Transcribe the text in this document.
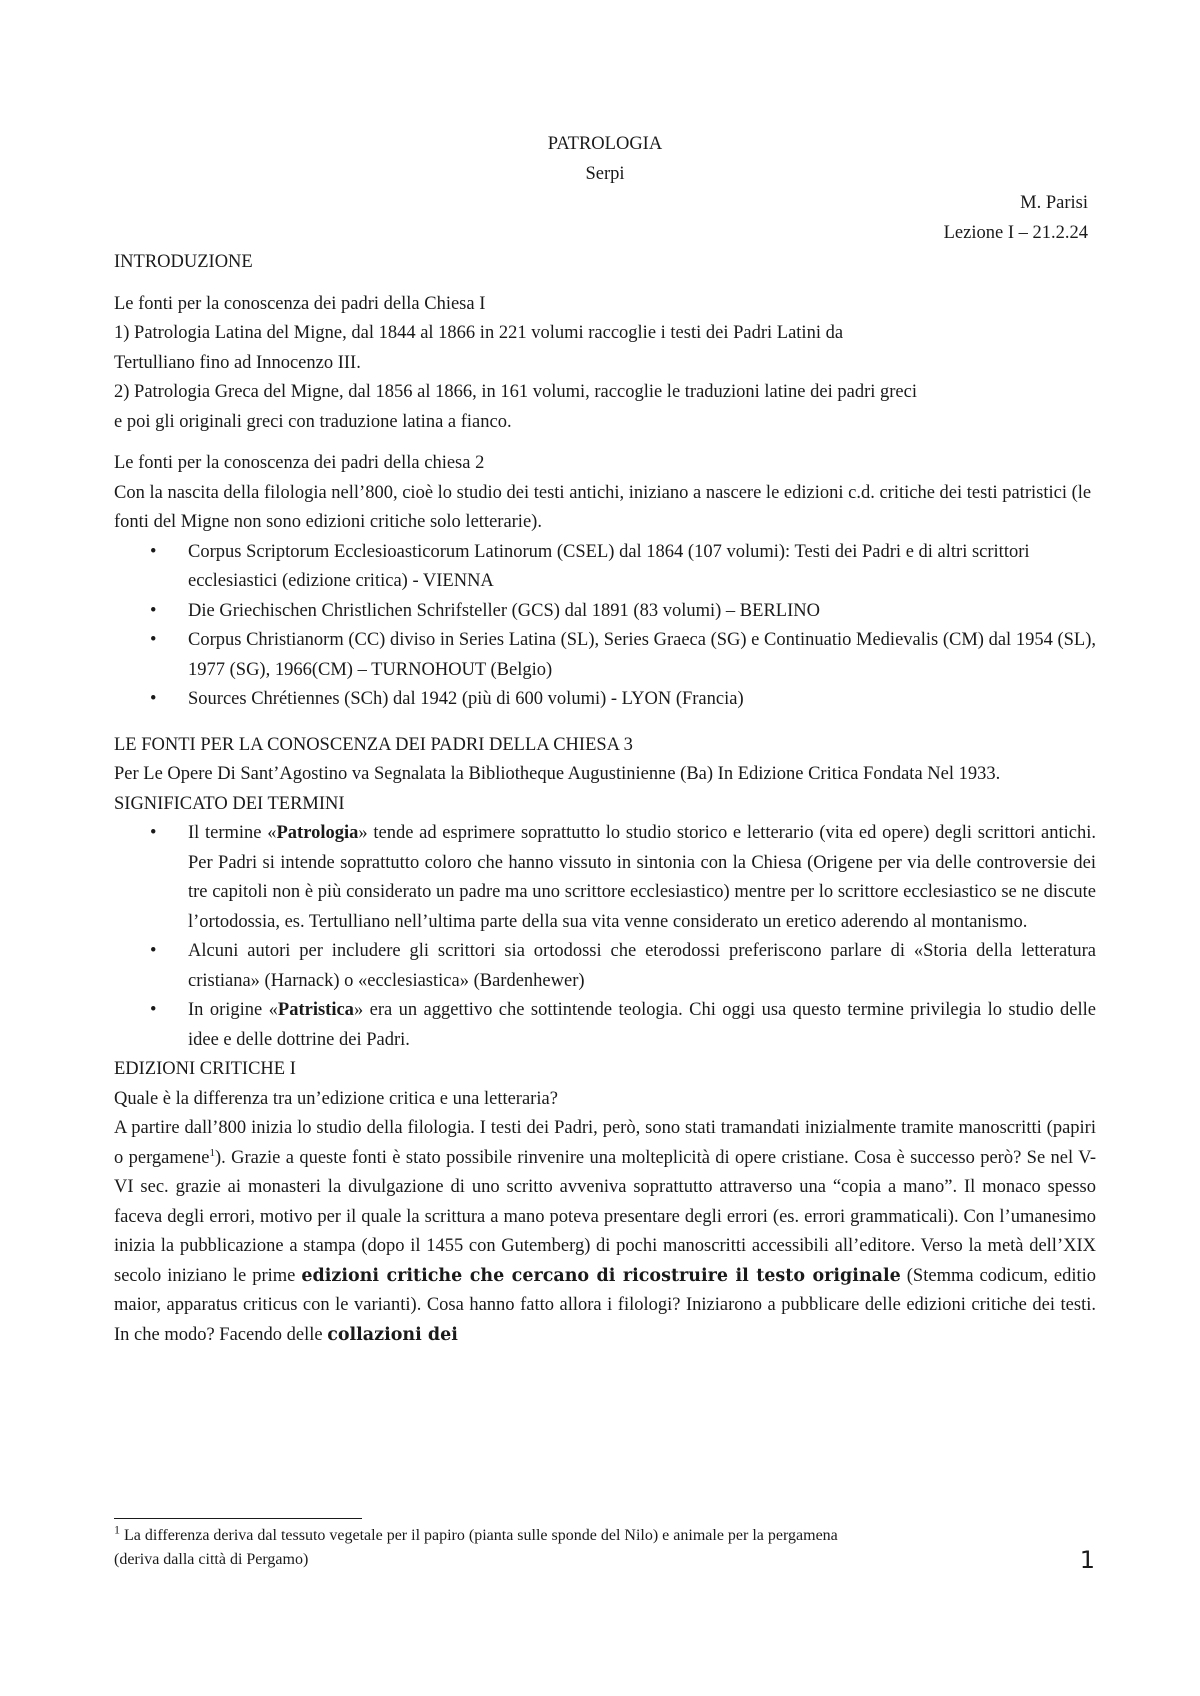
PATROLOGIA

Serpi

M. Parisi

Lezione I – 21.2.24

INTRODUZIONE

Le fonti per la conoscenza dei padri della Chiesa I

1) Patrologia Latina del Migne, dal 1844 al 1866 in 221 volumi raccoglie i testi dei Padri Latini da

Tertulliano fino ad Innocenzo III.

2) Patrologia Greca del Migne, dal 1856 al 1866, in 161 volumi, raccoglie le traduzioni latine dei padri greci

e poi gli originali greci con traduzione latina a fianco.

Le fonti per la conoscenza dei padri della chiesa 2

Con la nascita della filologia nell’800, cioè lo studio dei testi antichi, iniziano a nascere le edizioni c.d. critiche dei testi patristici (le fonti del Migne non sono edizioni critiche solo letterarie).

• Corpus Scriptorum Ecclesioasticorum Latinorum (CSEL) dal 1864 (107 volumi): Testi dei Padri e di altri scrittori ecclesiastici (edizione critica) - VIENNA
• Die Griechischen Christlichen Schrifsteller (GCS) dal 1891 (83 volumi) – BERLINO
• Corpus Christianorm (CC) diviso in Series Latina (SL), Series Graeca (SG) e Continuatio Medievalis (CM) dal 1954 (SL), 1977 (SG), 1966(CM) – TURNOHOUT (Belgio)
• Sources Chrétiennes (SCh) dal 1942 (più di 600 volumi) - LYON (Francia)

LE FONTI PER LA CONOSCENZA DEI PADRI DELLA CHIESA 3

Per Le Opere Di Sant’Agostino va Segnalata la Bibliotheque Augustinienne (Ba) In Edizione Critica Fondata Nel 1933.

SIGNIFICATO DEI TERMINI

• Il termine «Patrologia» tende ad esprimere soprattutto lo studio storico e letterario (vita ed opere) degli scrittori antichi. Per Padri si intende soprattutto coloro che hanno vissuto in sintonia con la Chiesa (Origene per via delle controversie dei tre capitoli non è più considerato un padre ma uno scrittore ecclesiastico) mentre per lo scrittore ecclesiastico se ne discute l’ortodossia, es. Tertulliano nell’ultima parte della sua vita venne considerato un eretico aderendo al montanismo.
• Alcuni autori per includere gli scrittori sia ortodossi che eterodossi preferiscono parlare di «Storia della letteratura cristiana» (Harnack) o «ecclesiastica» (Bardenhewer)
• In origine «Patristica» era un aggettivo che sottintende teologia. Chi oggi usa questo termine privilegia lo studio delle idee e delle dottrine dei Padri.

EDIZIONI CRITICHE I

Quale è la differenza tra un’edizione critica e una letteraria?

A partire dall’800 inizia lo studio della filologia. I testi dei Padri, però, sono stati tramandati inizialmente tramite manoscritti (papiri o pergamene$^1$). Grazie a queste fonti è stato possibile rinvenire una molteplicità di opere cristiane. Cosa è successo però? Se nel V-VI sec. grazie ai monasteri la divulgazione di uno scritto avveniva soprattutto attraverso una “copia a mano”. Il monaco spesso faceva degli errori, motivo per il quale la scrittura a mano poteva presentare degli errori (es. errori grammaticali). Con l’umanesimo inizia la pubblicazione a stampa (dopo il 1455 con Gutemberg) di pochi manoscritti accessibili all’editore. Verso la metà dell’XIX secolo iniziano le prime edizioni critiche che cercano di ricostruire il testo originale (Stemma codicum, editio maior, apparatus criticus con le varianti). Cosa hanno fatto allora i filologi? Iniziarono a pubblicare delle edizioni critiche dei testi. In che modo? Facendo delle collazioni dei

$^1$ La differenza deriva dal tessuto vegetale per il papiro (pianta sulle sponde del Nilo) e animale per la pergamena
(deriva dalla città di Pergamo)	1
